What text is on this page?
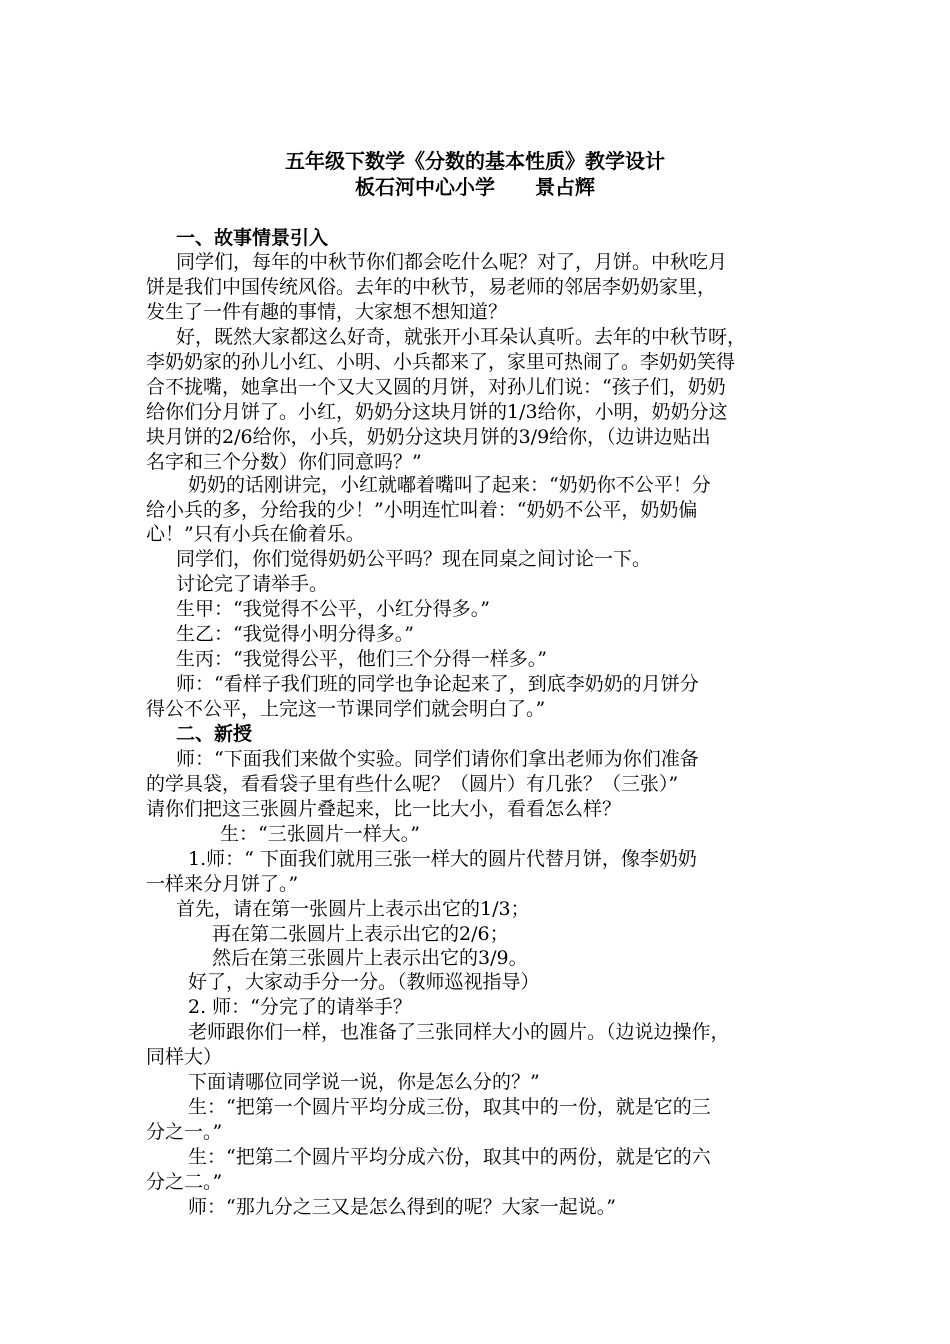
五年级下数学《分数的基本性质》教学设计
板石河中心小学　　景占辉
一、故事情景引入
同学们，每年的中秋节你们都会吃什么呢？对了，月饼。中秋吃月
饼是我们中国传统风俗。去年的中秋节，易老师的邻居李奶奶家里，
发生了一件有趣的事情，大家想不想知道？
好，既然大家都这么好奇，就张开小耳朵认真听。去年的中秋节呀，
李奶奶家的孙儿小红、小明、小兵都来了，家里可热闹了。李奶奶笑得
合不拢嘴，她拿出一个又大又圆的月饼，对孙儿们说：“孩子们，奶奶
给你们分月饼了。小红，奶奶分这块月饼的1/3给你，小明，奶奶分这
块月饼的2/6给你，小兵，奶奶分这块月饼的3/9给你，（边讲边贴出
名字和三个分数）你们同意吗？”
奶奶的话刚讲完，小红就嘟着嘴叫了起来：“奶奶你不公平！分
给小兵的多，分给我的少！”小明连忙叫着：“奶奶不公平，奶奶偏
心！”只有小兵在偷着乐。
同学们，你们觉得奶奶公平吗？现在同桌之间讨论一下。
讨论完了请举手。
生甲：“我觉得不公平，小红分得多。”
生乙：“我觉得小明分得多。”
生丙：“我觉得公平，他们三个分得一样多。”
师：“看样子我们班的同学也争论起来了，到底李奶奶的月饼分
得公不公平，上完这一节课同学们就会明白了。”
二、新授
师：“下面我们来做个实验。同学们请你们拿出老师为你们准备
的学具袋，看看袋子里有些什么呢？（圆片）有几张？（三张）”
请你们把这三张圆片叠起来，比一比大小，看看怎么样？
生：“三张圆片一样大。”
1.师：“ 下面我们就用三张一样大的圆片代替月饼，像李奶奶
一样来分月饼了。”
首先，请在第一张圆片上表示出它的1/3；
再在第二张圆片上表示出它的2/6；
然后在第三张圆片上表示出它的3/9。
好了，大家动手分一分。（教师巡视指导）
2. 师：“分完了的请举手？
老师跟你们一样，也准备了三张同样大小的圆片。（边说边操作，
同样大）
下面请哪位同学说一说，你是怎么分的？”
生：“把第一个圆片平均分成三份，取其中的一份，就是它的三
分之一。”
生：“把第二个圆片平均分成六份，取其中的两份，就是它的六
分之二。”
师：“那九分之三又是怎么得到的呢？大家一起说。”
